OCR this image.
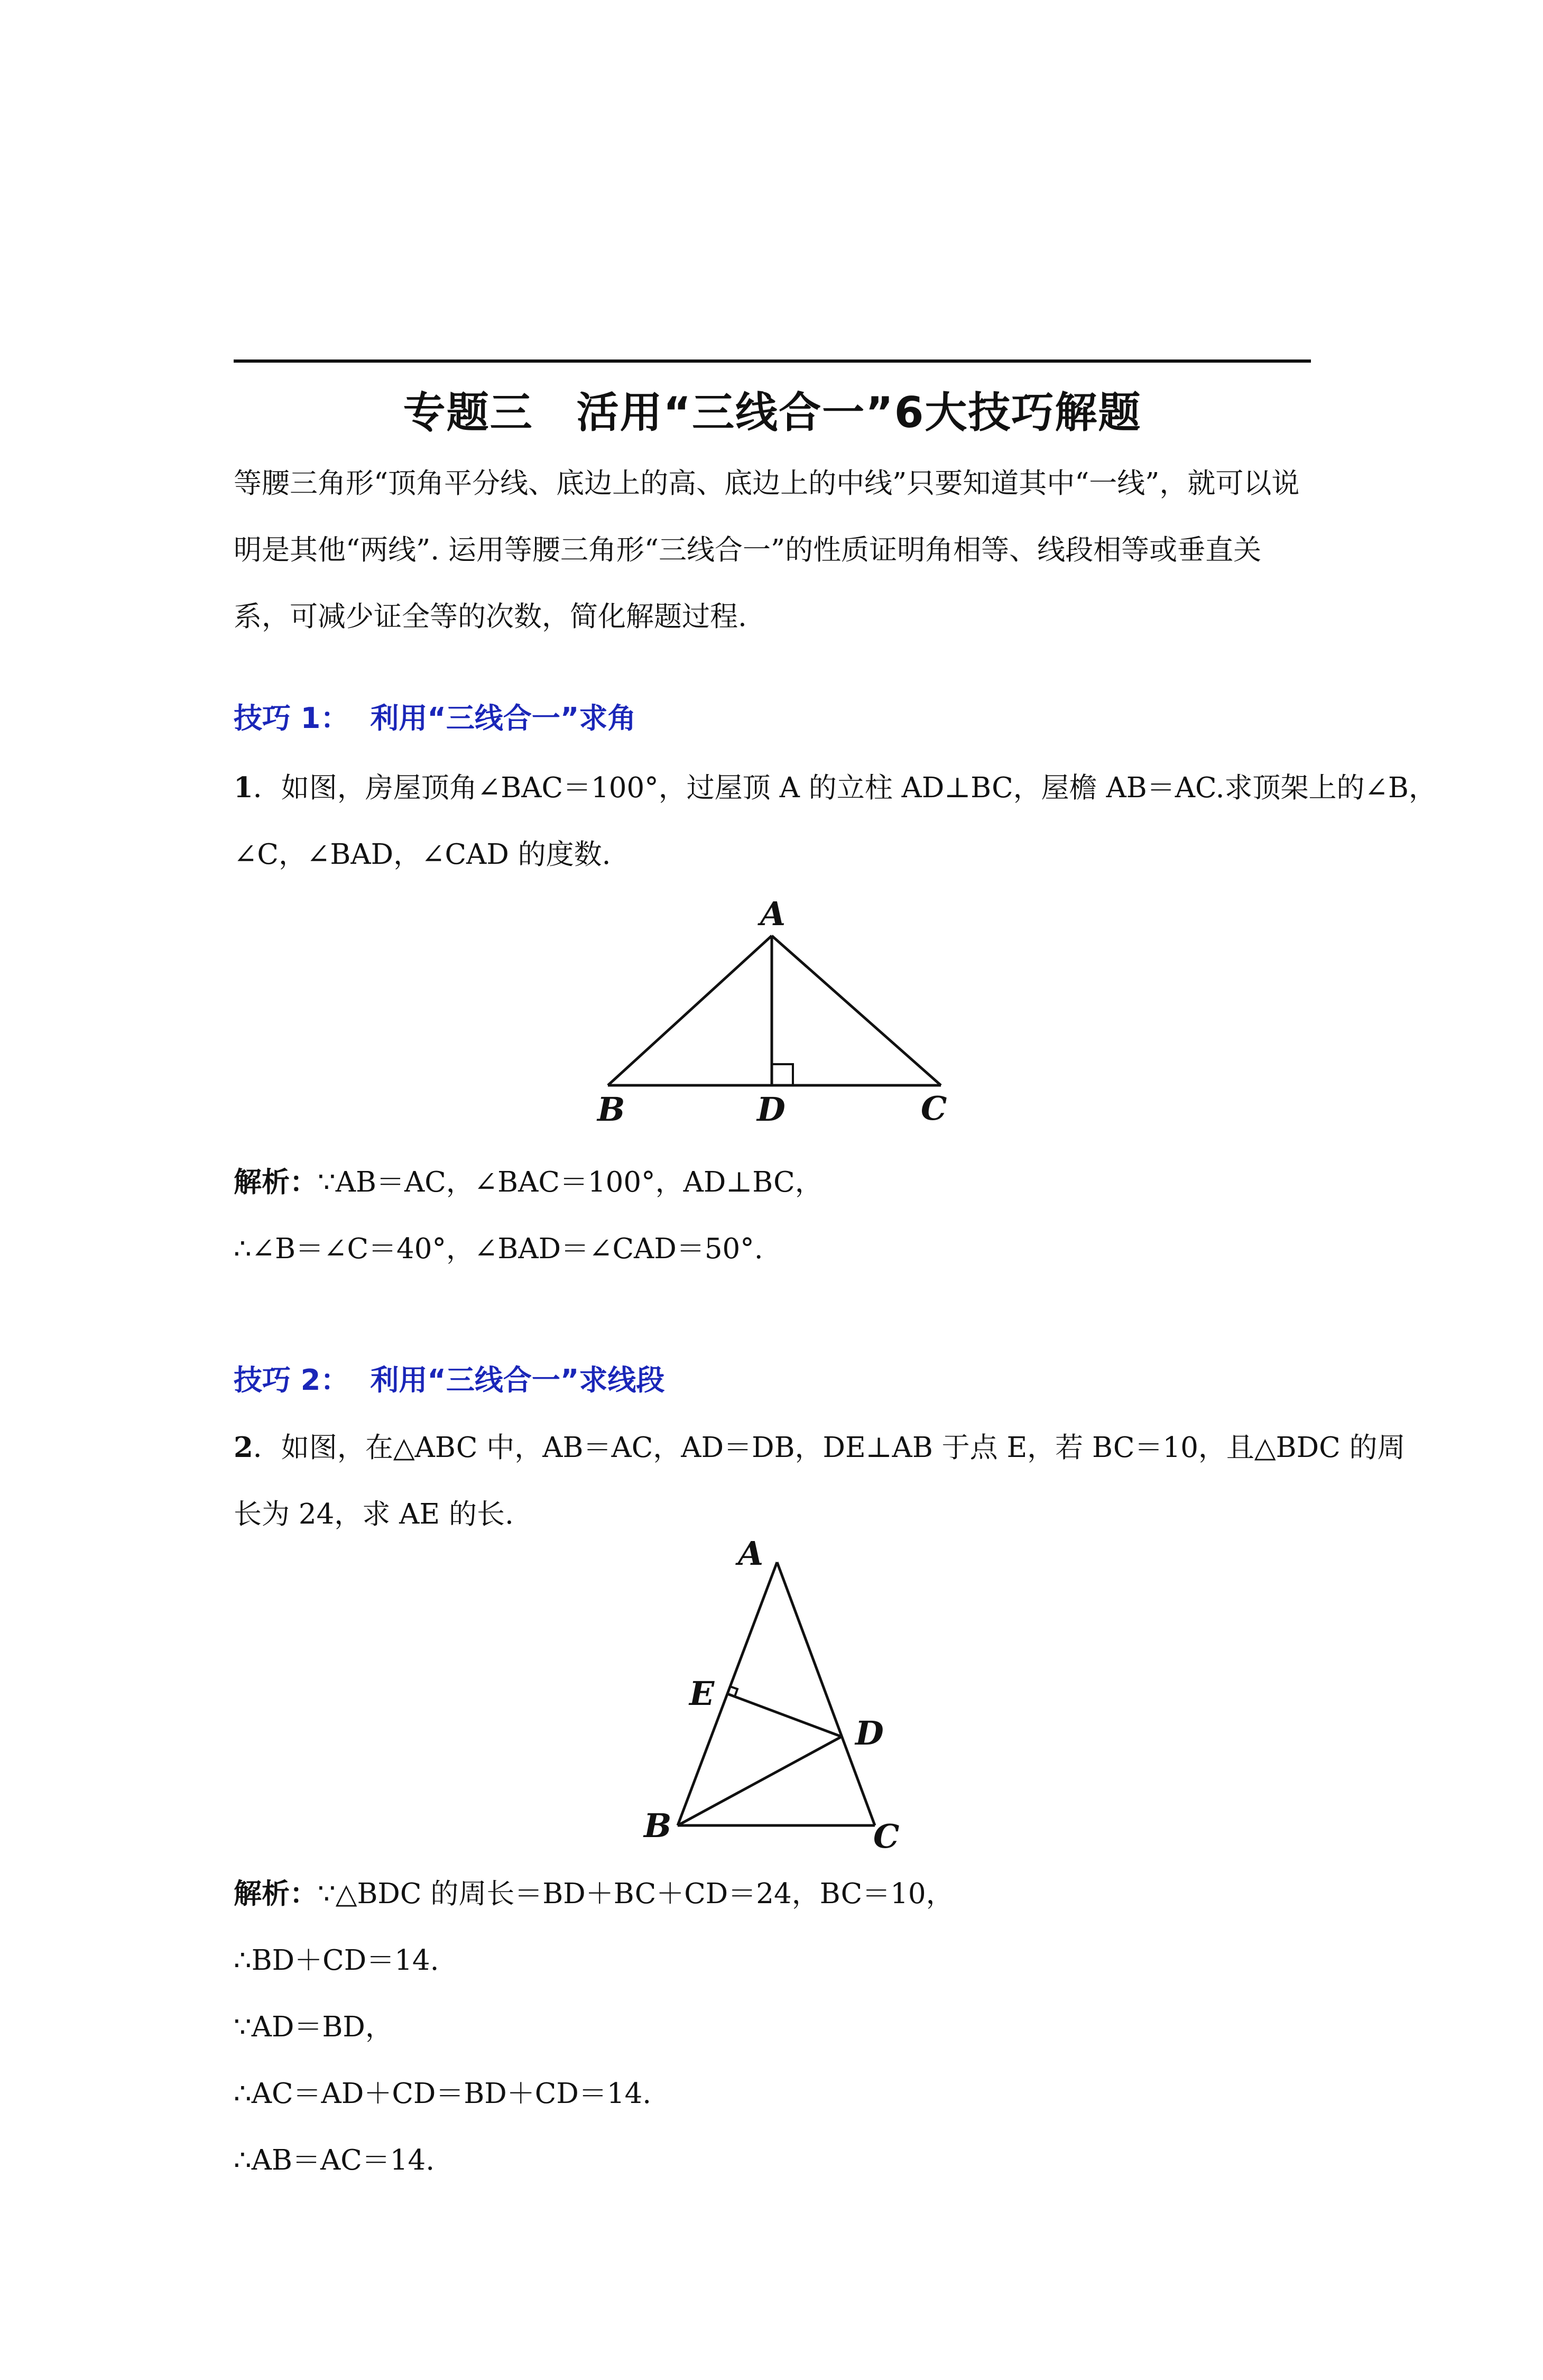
专题三　活用“三线合一”6大技巧解题
等腰三角形“顶角平分线、底边上的高、底边上的中线”只要知道其中“一线”，就可以说明是其他“两线”. 运用等腰三角形“三线合一”的性质证明角相等、线段相等或垂直关系，可减少证全等的次数，简化解题过程.
技巧 1： 利用“三线合一”求角
1．如图，房屋顶角∠BAC＝100°，过屋顶 A 的立柱 AD⊥BC，屋檐 AB＝AC.求顶架上的∠B，
∠C，∠BAD，∠CAD 的度数.
A
B	D	C
解析：∵AB＝AC，∠BAC＝100°，AD⊥BC，
∴∠B＝∠C＝40°，∠BAD＝∠CAD＝50°.
技巧 2： 利用“三线合一”求线段
2．如图，在△ABC 中，AB＝AC，AD＝DB，DE⊥AB 于点 E，若 BC＝10，且△BDC 的周
长为 24，求 AE 的长.
A
E
D
B	C
解析：∵△BDC 的周长＝BD＋BC＋CD＝24，BC＝10，
∴BD＋CD＝14.
∵AD＝BD，
∴AC＝AD＋CD＝BD＋CD＝14.
∴AB＝AC＝14.
